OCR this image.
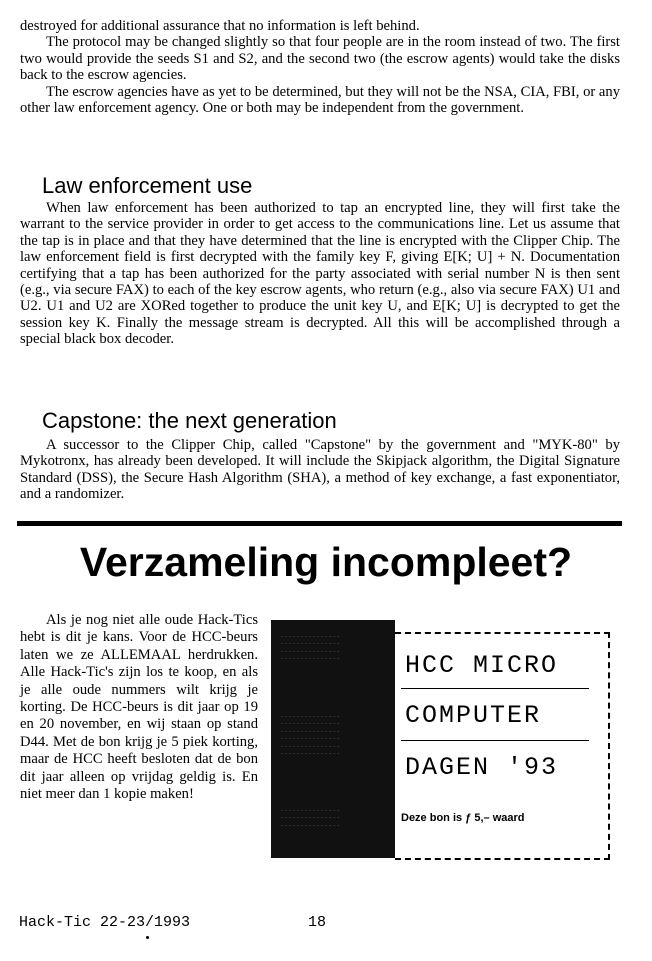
destroyed for additional assurance that no information is left behind.

The protocol may be changed slightly so that four people are in the room instead of two. The first two would provide the seeds S1 and S2, and the second two (the escrow agents) would take the disks back to the escrow agencies.

The escrow agencies have as yet to be determined, but they will not be the NSA, CIA, FBI, or any other law enforcement agency. One or both may be independent from the government.

Law enforcement use

When law enforcement has been authorized to tap an encrypted line, they will first take the warrant to the service provider in order to get access to the communications line. Let us assume that the tap is in place and that they have determined that the line is encrypted with the Clipper Chip. The law enforcement field is first decrypted with the family key F, giving E[K; U] + N. Documentation certifying that a tap has been authorized for the party associated with serial number N is then sent (e.g., via secure FAX) to each of the key escrow agents, who return (e.g., also via secure FAX) U1 and U2. U1 and U2 are XORed together to produce the unit key U, and E[K; U] is decrypted to get the session key K. Finally the message stream is decrypted. All this will be accomplished through a special black box decoder.

Capstone: the next generation

A successor to the Clipper Chip, called "Capstone" by the government and "MYK-80" by Mykotronx, has already been developed. It will include the Skipjack algorithm, the Digital Signature Standard (DSS), the Secure Hash Algorithm (SHA), a method of key exchange, a fast exponentiator, and a randomizer.

Verzameling incompleet?

Als je nog niet alle oude Hack-Tics hebt is dit je kans. Voor de HCC-beurs laten we ze ALLEMAAL herdrukken. Alle Hack-Tic's zijn los te koop, en als je alle oude nummers wilt krijg je korting. De HCC-beurs is dit jaar op 19 en 20 november, en wij staan op stand D44. Met de bon krijg je 5 piek korting, maar de HCC heeft besloten dat de bon dit jaar alleen op vrijdag geldig is. En niet meer dan 1 kopie maken!

· · · · · · · · · · · · · · ·
· · · · · · · · · · · · · · ·
· · · · · · · · · · · · · · ·
· · · · · · · · · · · · · · ·
· · · · · · · · · · · · · · ·
· · · · · · · · · · · · · · ·
· · · · · · · · · · · · · · ·
· · · · · · · · · · · · · · ·
· · · · · · · · · · · · · · ·
· · · · · · · · · · · · · · ·
· · · · · · · · · · · · · · ·
· · · · · · · · · · · · · · ·
· · · · · · · · · · · · · · ·
HCC MICRO
COMPUTER
DAGEN '93
Deze bon is ƒ 5,– waard
Hack-Tic 22-23/1993	18
